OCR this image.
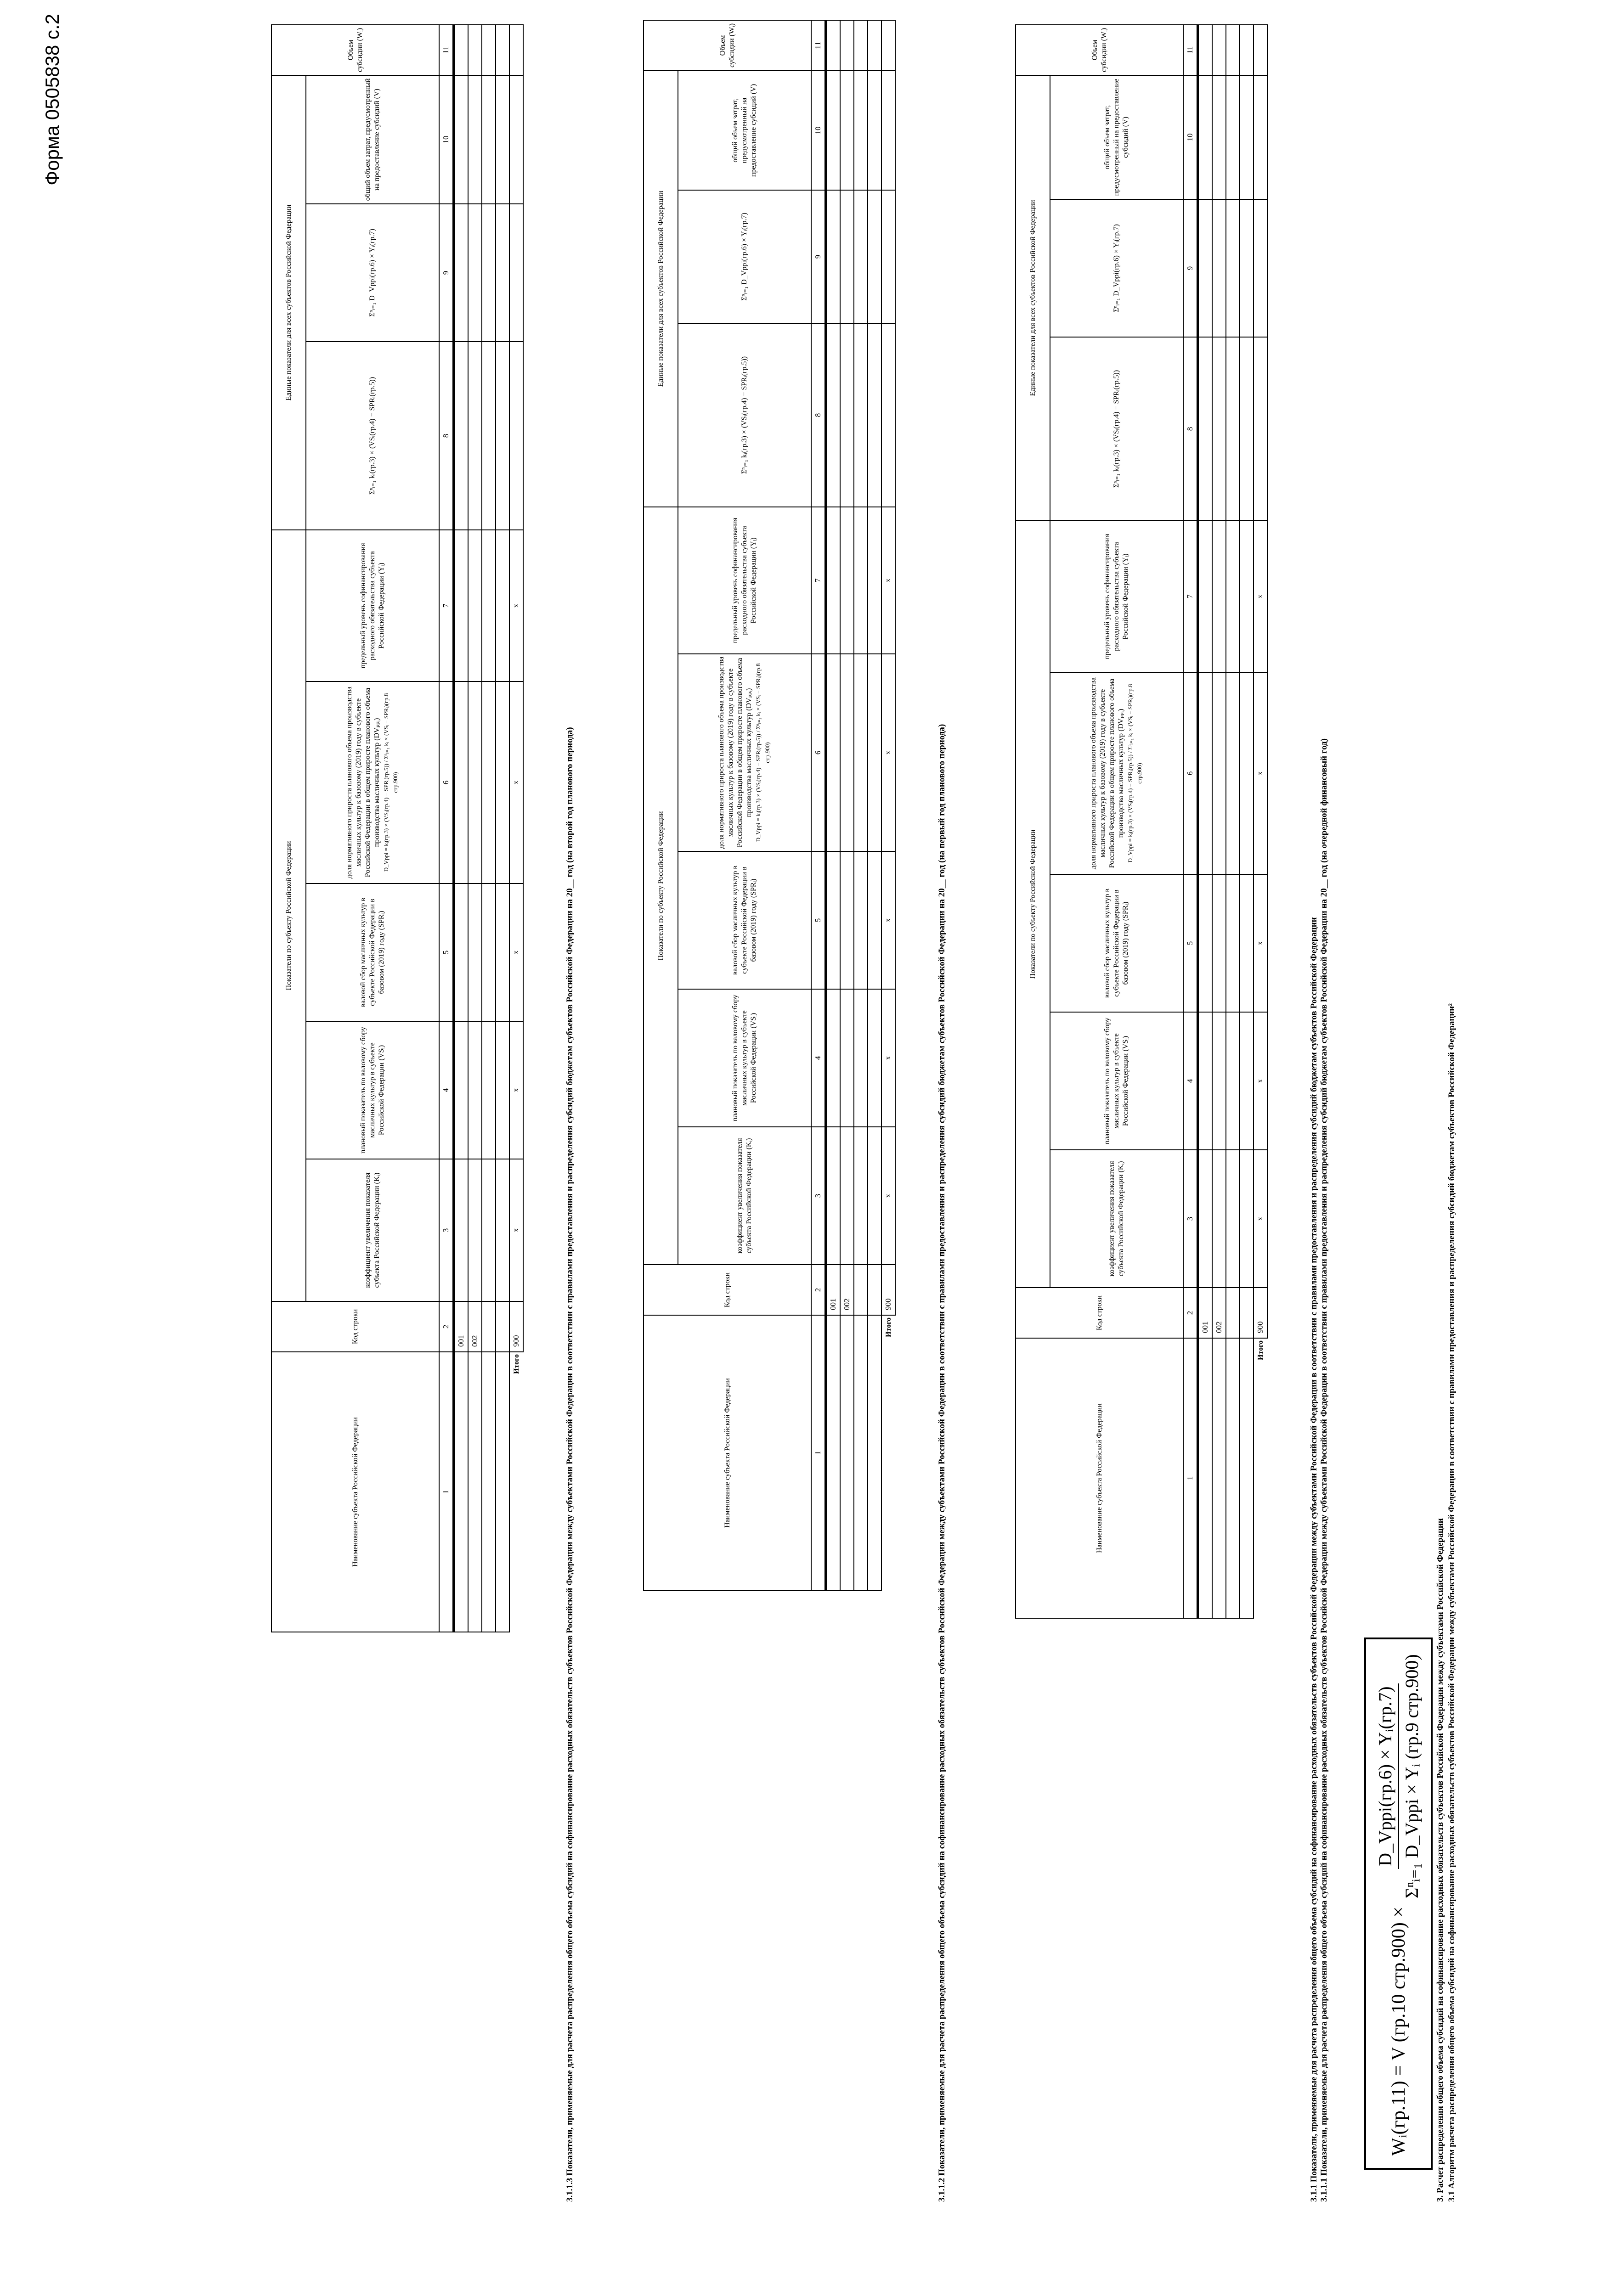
Форма 0505838 с.2
3. Расчет распределения общего объема субсидий на софинансирование расходных обязательств субъектов Российской Федерации между субъектами Российской Федерации 3.1 Алгоритм расчета распределения общего объема субсидий на софинансирование расходных обязательств субъектов Российской Федерации между субъектами Российской Федерации в соответствии с правилами предоставления и распределения субсидий бюджетам субъектов Российской Федерации²
Wᵢ(гр.11) = V (гр.10 стр.900) ×
D_Vppi(гр.6) × Yᵢ(гр.7) Σⁿᵢ₌₁ D_Vppi × Yᵢ (гр.9 стр.900)
3.1.1 Показатели, применяемые для расчета распределения общего объема субсидий на софинансирование расходных обязательств субъектов Российской Федерации между субъектами Российской Федерации в соответствии с правилами предоставления и распределения субсидий бюджетам субъектов Российской Федерации 3.1.1.1 Показатели, применяемые для расчета распределения общего объема субсидий на софинансирование расходных обязательств субъектов Российской Федерации между субъектами Российской Федерации в соответствии с правилами предоставления и распределения субсидий бюджетам субъектов Российской Федерации на 20__ год (на очередной финансовый год)
Наименование субъекта Российской Федерации	Код строки	Показатели по субъекту Российской Федерации					Единые показатели для всех субъектов Российской Федерации			Объем субсидии (Wᵢ)
		коэффициент увеличения показателя субъекта Российской Федерации (Kᵢ)	плановый показатель по валовому сбору масличных культур в субъекте Российской Федерации (VSᵢ)	валовой сбор масличных культур в субъекте Российской Федерации в базовом (2019) году (SPRᵢ)	доля нормативного прироста планового объема производства масличных культур к базовому (2019) году в субъекте Российской Федерации в общем приросте планового объема производства масличных культур (DVₚₚᵢ) D_Vppi = kᵢ(гр.3) × (VSᵢ(гр.4) − SPRᵢ(гр.5)) / Σⁿᵢ₌₁ kᵢ × (VSᵢ − SPRᵢ)(гр.8 стр.900)	предельный уровень софинансирования расходного обязательства субъекта Российской Федерации (Yᵢ)	Σⁿᵢ₌₁ kᵢ(гр.3) × (VSᵢ(гр.4) − SPRᵢ(гр.5))	Σⁿᵢ₌₁ D_Vppi(гр.6) × Yᵢ(гр.7)	общий объем затрат, предусмотренный на предоставление субсидий (V)	
1	2	3	4	5	6	7	8	9	10	11
	001									
	002									

Итого	900	x	x	x	x	x				
3.1.1.2 Показатели, применяемые для расчета распределения общего объема субсидий на софинансирование расходных обязательств субъектов Российской Федерации между субъектами Российской Федерации в соответствии с правилами предоставления и распределения субсидий бюджетам субъектов Российской Федерации на 20__ год (на первый год планового периода)
Наименование субъекта Российской Федерации	Код строки	Показатели по субъекту Российской Федерации					Единые показатели для всех субъектов Российской Федерации			Объем субсидии (Wᵢ)
		коэффициент увеличения показателя субъекта Российской Федерации (Kᵢ)	плановый показатель по валовому сбору масличных культур в субъекте Российской Федерации (VSᵢ)	валовой сбор масличных культур в субъекте Российской Федерации в базовом (2019) году (SPRᵢ)	доля нормативного прироста планового объема производства масличных культур к базовому (2019) году в субъекте Российской Федерации в общем приросте планового объема производства масличных культур (DVₚₚᵢ) D_Vppi = kᵢ(гр.3) × (VSᵢ(гр.4) − SPRᵢ(гр.5)) / Σⁿᵢ₌₁ kᵢ × (VSᵢ − SPRᵢ)(гр.8 стр.900)	предельный уровень софинансирования расходного обязательства субъекта Российской Федерации (Yᵢ)	Σⁿᵢ₌₁ kᵢ(гр.3) × (VSᵢ(гр.4) − SPRᵢ(гр.5))	Σⁿᵢ₌₁ D_Vppi(гр.6) × Yᵢ(гр.7)	общий объем затрат, предусмотренный на предоставление субсидий (V)	
1	2	3	4	5	6	7	8	9	10	11
	001									
	002									

Итого	900	x	x	x	x	x				
3.1.1.3 Показатели, применяемые для расчета распределения общего объема субсидий на софинансирование расходных обязательств субъектов Российской Федерации между субъектами Российской Федерации в соответствии с правилами предоставления и распределения субсидий бюджетам субъектов Российской Федерации на 20__ год (на второй год планового периода)
Наименование субъекта Российской Федерации	Код строки	Показатели по субъекту Российской Федерации					Единые показатели для всех субъектов Российской Федерации			Объем субсидии (Wᵢ)
		коэффициент увеличения показателя субъекта Российской Федерации (Kᵢ)	плановый показатель по валовому сбору масличных культур в субъекте Российской Федерации (VSᵢ)	валовой сбор масличных культур в субъекте Российской Федерации в базовом (2019) году (SPRᵢ)	доля нормативного прироста планового объема производства масличных культур к базовому (2019) году в субъекте Российской Федерации в общем приросте планового объема производства масличных культур (DVₚₚᵢ) D_Vppi = kᵢ(гр.3) × (VSᵢ(гр.4) − SPRᵢ(гр.5)) / Σⁿᵢ₌₁ kᵢ × (VSᵢ − SPRᵢ)(гр.8 стр.900)	предельный уровень софинансирования расходного обязательства субъекта Российской Федерации (Yᵢ)	Σⁿᵢ₌₁ kᵢ(гр.3) × (VSᵢ(гр.4) − SPRᵢ(гр.5))	Σⁿᵢ₌₁ D_Vppi(гр.6) × Yᵢ(гр.7)	общий объем затрат, предусмотренный на предоставление субсидий (V)	
1	2	3	4	5	6	7	8	9	10	11
	001									
	002									

Итого	900	x	x	x	x	x				
